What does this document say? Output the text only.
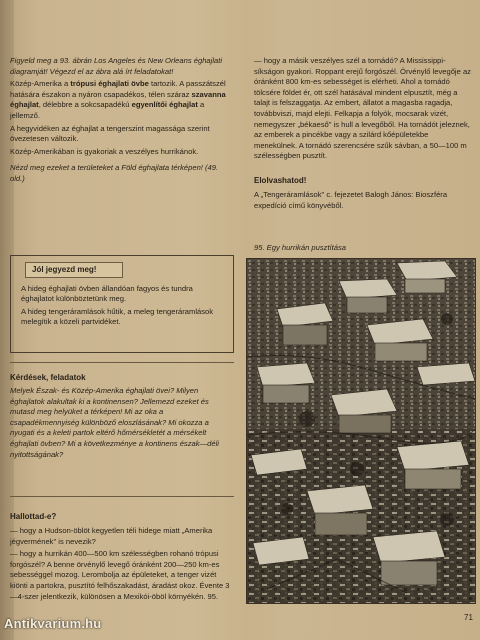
Figyeld meg a 93. ábrán Los Angeles és New Orleans éghajlati diagramját! Végezd el az ábra alá írt feladatokat!

Közép-Amerika a trópusi éghajlati övbe tartozik. A passzátszél hatására északon a nyáron csapadékos, télen száraz szavanna éghajlat, délebbre a sokcsapadékú egyenlítői éghajlat a jellemző.

A hegyvidéken az éghajlat a tengerszint magassága szerint övezetesen változik.

Közép-Amerikában is gyakoriak a veszélyes hurrikánok.

Nézd meg ezeket a területeket a Föld éghajlata térképen! (49. old.)

Jól jegyezd meg!

A hideg éghajlati övben állandóan fagyos és tundra éghajlatot különböztetünk meg.

A hideg tengeráramlások hűtik, a meleg tengeráramlások melegítik a közeli partvidéket.

Kérdések, feladatok
Melyek Észak- és Közép-Amerika éghajlati övei? Milyen éghajlatok alakultak ki a kontinensen? Jellemezd ezeket és mutasd meg helyüket a térképen! Mi az oka a csapadékmennyiség különböző eloszlásának? Mi okozza a nyugati és a keleti partok eltérő hőmérsékletét a mérsékelt éghajlati övben? Mi a következménye a kontinens észak—déli nyitottságának?
Hallottad-e?

— hogy a Hudson-öblöt kegyetlen téli hidege miatt „Amerika jégvermének" is nevezik?

— hogy a hurrikán 400—500 km szélességben rohanó trópusi forgószél? A benne örvénylő levegő óránként 200—250 km-es sebességgel mozog. Lerombolja az épületeket, a tenger vizét kiönti a partokra, pusztító felhőszakadást, áradást okoz. Évente 3—4-szer jelentkezik, különösen a Mexikói-öböl környékén. 95.

— hogy a másik veszélyes szél a tornádó? A Mississippi-síkságon gyakori. Roppant erejű forgószél. Örvénylő levegője az óránként 800 km-es sebességet is elérheti. Ahol a tornádó tölcsére földet ér, ott szél hatásával mindent elpusztít, még a talajt is felszaggatja. Az embert, állatot a magasba ragadja, továbbviszi, majd elejti. Felkapja a folyók, mocsarak vizét, nemegyszer „békaeső" is hull a levegőből. Ha tornádót jeleznek, az emberek a pincékbe vagy a szilárd kőépületekbe menekülnek. A tornádó szerencsére szűk sávban, a 50—100 m szélességben pusztít.
Elolvashatod!
A „Tengeráramlások" c. fejezetet Balogh János: Bioszféra expedíció című könyvéből.
95. Egy hurrikán pusztítása
71
Antikvarium.hu
